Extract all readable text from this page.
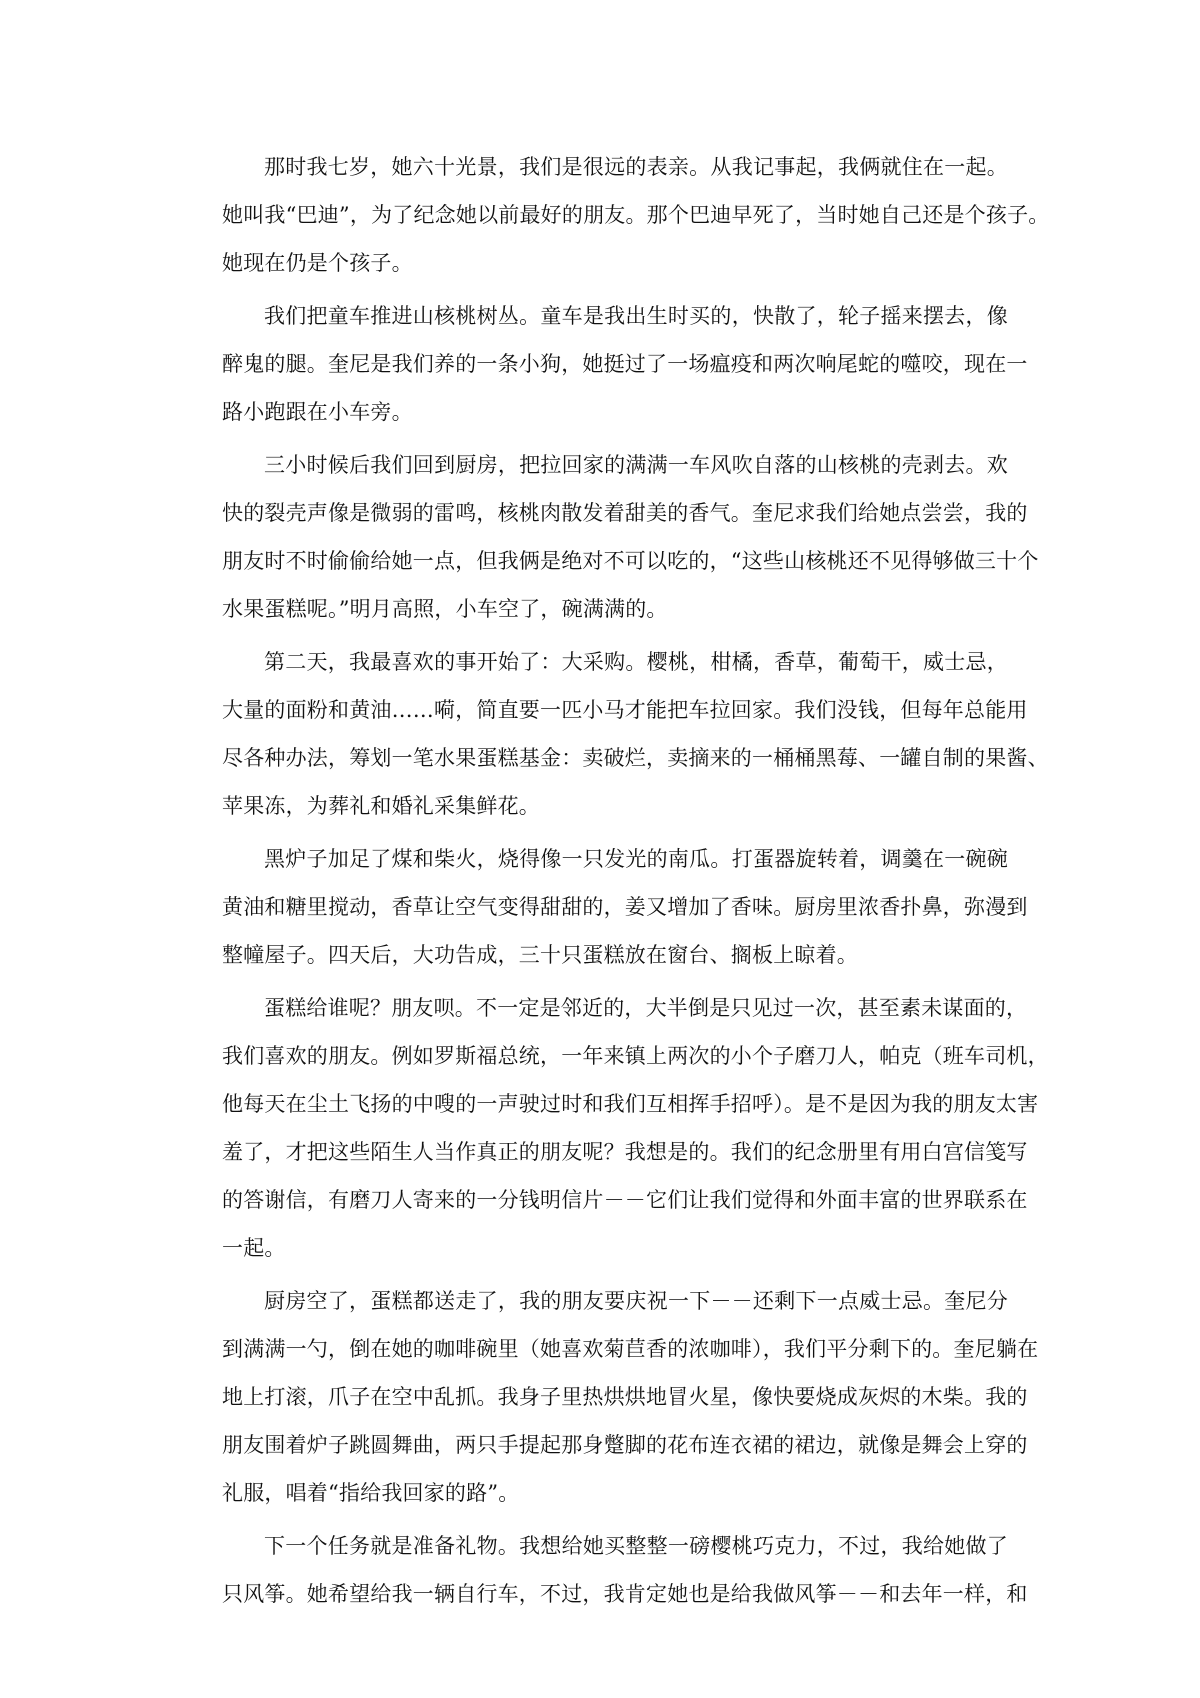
那时我七岁，她六十光景，我们是很远的表亲。从我记事起，我俩就住在一起。
她叫我“巴迪”，为了纪念她以前最好的朋友。那个巴迪早死了，当时她自己还是个孩子。
她现在仍是个孩子。
我们把童车推进山核桃树丛。童车是我出生时买的，快散了，轮子摇来摆去，像
醉鬼的腿。奎尼是我们养的一条小狗，她挺过了一场瘟疫和两次响尾蛇的噬咬，现在一
路小跑跟在小车旁。
三小时候后我们回到厨房，把拉回家的满满一车风吹自落的山核桃的壳剥去。欢
快的裂壳声像是微弱的雷鸣，核桃肉散发着甜美的香气。奎尼求我们给她点尝尝，我的
朋友时不时偷偷给她一点，但我俩是绝对不可以吃的，“这些山核桃还不见得够做三十个
水果蛋糕呢。”明月高照，小车空了，碗满满的。
第二天，我最喜欢的事开始了：大采购。樱桃，柑橘，香草，葡萄干，威士忌，
大量的面粉和黄油……嗬，简直要一匹小马才能把车拉回家。我们没钱，但每年总能用
尽各种办法，筹划一笔水果蛋糕基金：卖破烂，卖摘来的一桶桶黑莓、一罐自制的果酱、
苹果冻，为葬礼和婚礼采集鲜花。
黑炉子加足了煤和柴火，烧得像一只发光的南瓜。打蛋器旋转着，调羹在一碗碗
黄油和糖里搅动，香草让空气变得甜甜的，姜又增加了香味。厨房里浓香扑鼻，弥漫到
整幢屋子。四天后，大功告成，三十只蛋糕放在窗台、搁板上晾着。
蛋糕给谁呢？朋友呗。不一定是邻近的，大半倒是只见过一次，甚至素未谋面的，
我们喜欢的朋友。例如罗斯福总统，一年来镇上两次的小个子磨刀人，帕克（班车司机，
他每天在尘土飞扬的中嗖的一声驶过时和我们互相挥手招呼）。是不是因为我的朋友太害
羞了，才把这些陌生人当作真正的朋友呢？我想是的。我们的纪念册里有用白宫信笺写
的答谢信，有磨刀人寄来的一分钱明信片－－它们让我们觉得和外面丰富的世界联系在
一起。
厨房空了，蛋糕都送走了，我的朋友要庆祝一下－－还剩下一点威士忌。奎尼分
到满满一勺，倒在她的咖啡碗里（她喜欢菊苣香的浓咖啡），我们平分剩下的。奎尼躺在
地上打滚，爪子在空中乱抓。我身子里热烘烘地冒火星，像快要烧成灰烬的木柴。我的
朋友围着炉子跳圆舞曲，两只手提起那身蹩脚的花布连衣裙的裙边，就像是舞会上穿的
礼服，唱着“指给我回家的路”。
下一个任务就是准备礼物。我想给她买整整一磅樱桃巧克力，不过，我给她做了
只风筝。她希望给我一辆自行车，不过，我肯定她也是给我做风筝－－和去年一样，和
